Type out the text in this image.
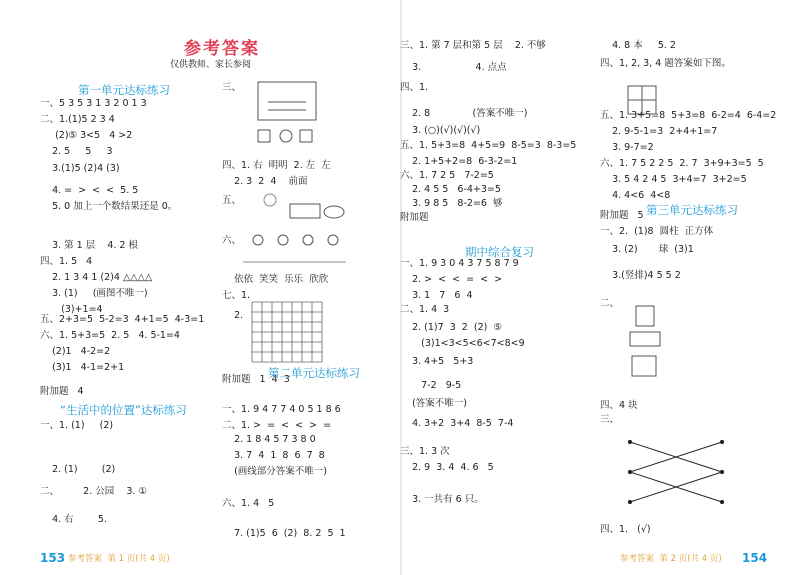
参考答案
仅供教师、家长参阅
第一单元达标练习
一、5 3 5 3 1 3 2 0 1 3
二、1.(1)5 2 3 4
(2)⑤ 3<5   4 >2
2. 5     5     3
3.(1)5 (2)4 (3)
4. =  >  <  <  5. 5
5. 0 加上一个数结果还是 0。
3. 第 1 层    4. 2 根
四、1. 5   4
2. 1 3 4 1 (2)4 △△△△
3. (1)     (画图不唯一)
(3)+1=4
五、2+3=5  5-2=3  4+1=5  4-3=1
六、1. 5+3=5  2. 5   4. 5-1=4
(2)1   4-2=2
(3)1   4-1=2+1
附加题   4
一、1. (1)     (2)
2. (1)        (2)
二、        2. 公园    3. ①
4. 右        5.
“生活中的位置”达标练习
三、
四、1. 右  明明  2. 左  左
2. 3  2  4    前面
五、
六、
依依  笑笑  乐乐  欣欣
七、1.
2.
附加题   1  4  3
一、1. 9 4 7 7 4 0 5 1 8 6
二、1. >  =  <  <  >  =
2. 1 8 4 5 7 3 8 0
3. 7  4  1  8  6  7  8
(画线部分答案不唯一)
六、1. 4   5
7. (1)5  6  (2)  8. 2  5  1
第二单元达标练习
三、1. 第 7 层和第 5 层    2. 不够
3.                  4. 点点
四、1.
2. 8              (答案不唯一)
3. (○)(√)(√)(√)
五、1. 5+3=8  4+5=9  8-5=3  8-3=5
2. 1+5+2=8  6-3-2=1
六、1. 7 2 5   7-2=5
2. 4 5 5   6-4+3=5
3. 9 8 5   8-2=6  够
附加题
一、1. 9 3 0 4 3 7 5 8 7 9
2. >  <  <  =  <  >
3. 1   7   6  4
二、1. 4  3
2. (1)7  3  2  (2)  ⑤
(3)1<3<5<6<7<8<9
3. 4+5   5+3
7-2   9-5
(答案不唯一)
4. 3+2  3+4  8-5  7-4
三、1. 3 次
2. 9  3. 4  4. 6   5
3. 一共有 6 只。
期中综合复习
4. 8 本     5. 2
四、1, 2, 3, 4 题答案如下图。
五、1. 3+5=8  5+3=8  6-2=4  6-4=2
2. 9-5-1=3  2+4+1=7
3. 9-7=2
六、1. 7 5 2 2 5  2. 7  3+9+3=5  5
3. 5 4 2 4 5  3+4=7  3+2=5
4. 4<6  4<8
附加题   5
一、2.  (1)8  圆柱  正方体
3. (2)       球  (3)1
3.(竖排)4 5 5 2
二、
四、4 块
三、
四、1.   (√)
第三单元达标练习
153 参考答案  第 1 页(共 4 页)	参考答案  第 2 页(共 4 页) 154
